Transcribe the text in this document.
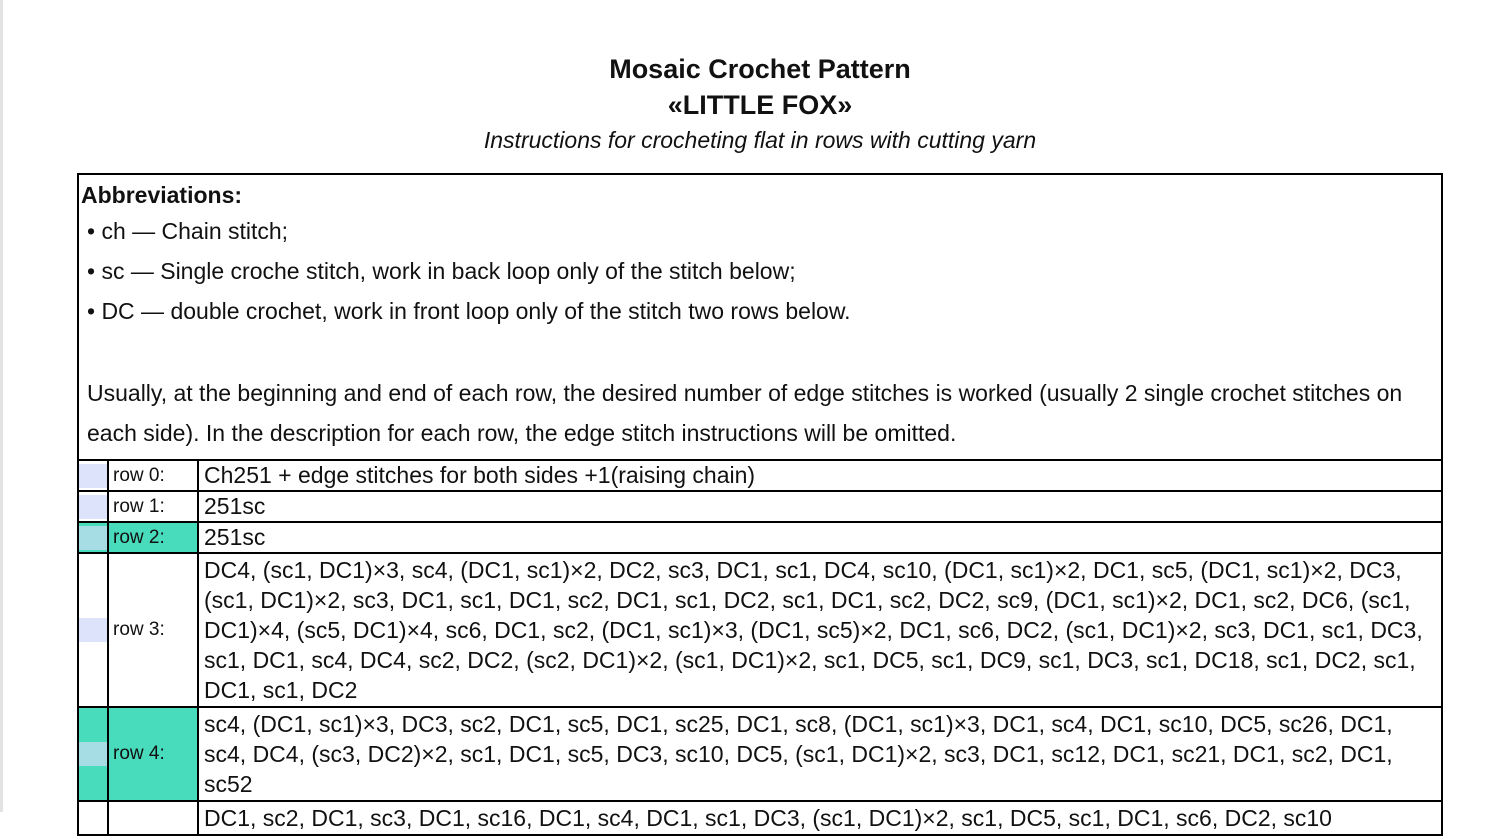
Mosaic Crochet Pattern
«LITTLE FOX»
Instructions for crocheting flat in rows with cutting yarn
Abbreviations:
• ch — Chain stitch;
• sc — Single croche stitch, work in back loop only of the stitch below;
• DC — double crochet, work in front loop only of the stitch two rows below.
Usually, at the beginning and end of each row, the desired number of edge stitches is worked (usually 2 single crochet stitches on each side). In the description for each row, the edge stitch instructions will be omitted.		

	row 0:	Ch251 + edge stitches for both sides +1(raising chain)

	row 1:	251sc

	row 2:	251sc

	row 3:	DC4, (sc1, DC1)×3, sc4, (DC1, sc1)×2, DC2, sc3, DC1, sc1, DC4, sc10, (DC1, sc1)×2, DC1, sc5, (DC1, sc1)×2, DC3, (sc1, DC1)×2, sc3, DC1, sc1, DC1, sc2, DC1, sc1, DC2, sc1, DC1, sc2, DC2, sc9, (DC1, sc1)×2, DC1, sc2, DC6, (sc1, DC1)×4, (sc5, DC1)×4, sc6, DC1, sc2, (DC1, sc1)×3, (DC1, sc5)×2, DC1, sc6, DC2, (sc1, DC1)×2, sc3, DC1, sc1, DC3, sc1, DC1, sc4, DC4, sc2, DC2, (sc2, DC1)×2, (sc1, DC1)×2, sc1, DC5, sc1, DC9, sc1, DC3, sc1, DC18, sc1, DC2, sc1, DC1, sc1, DC2

	row 4:	sc4, (DC1, sc1)×3, DC3, sc2, DC1, sc5, DC1, sc25, DC1, sc8, (DC1, sc1)×3, DC1, sc4, DC1, sc10, DC5, sc26, DC1, sc4, DC4, (sc3, DC2)×2, sc1, DC1, sc5, DC3, sc10, DC5, (sc1, DC1)×2, sc3, DC1, sc12, DC1, sc21, DC1, sc2, DC1, sc52

		DC1, sc2, DC1, sc3, DC1, sc16, DC1, sc4, DC1, sc1, DC3, (sc1, DC1)×2, sc1, DC5, sc1, DC1, sc6, DC2, sc10
